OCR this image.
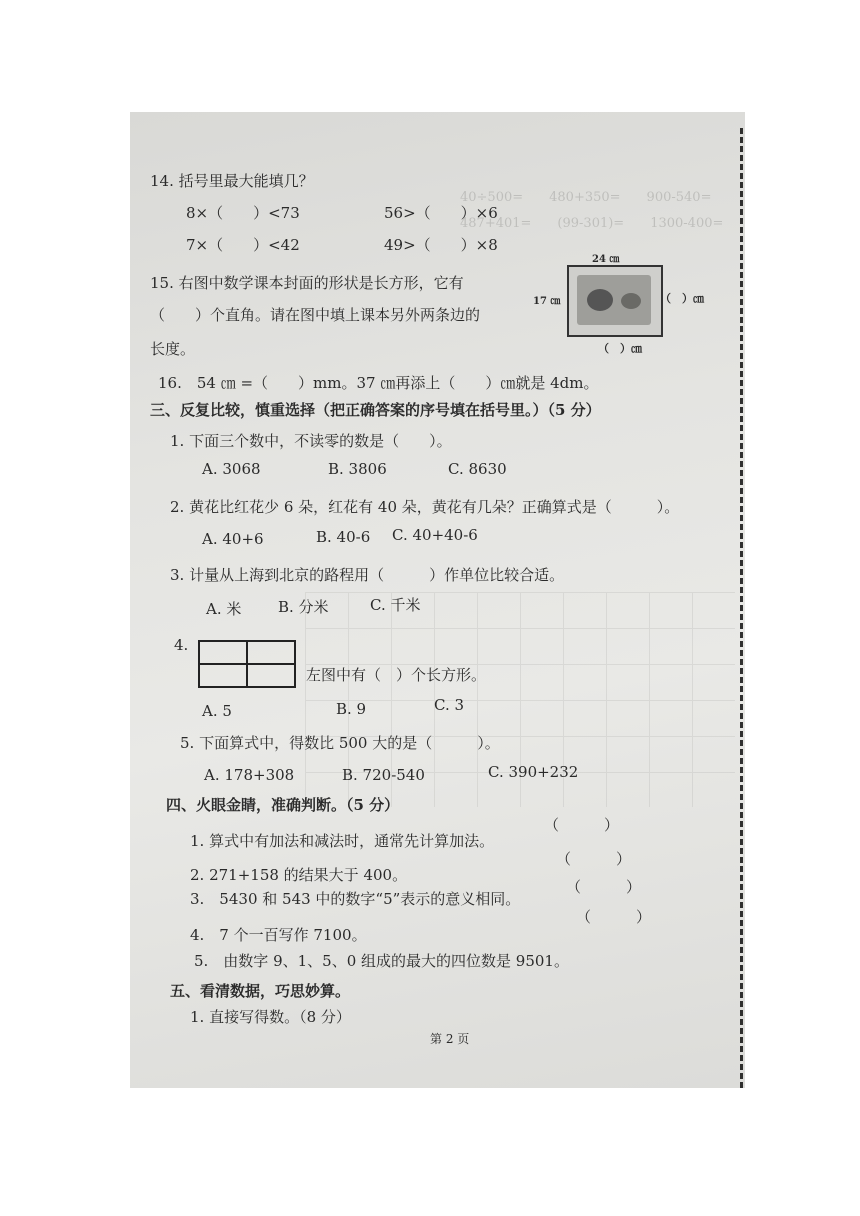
40÷500=　　480+350=　　900-540=
487+401=　　(99-301)=　　1300-400=
14. 括号里最大能填几？
8×（　　）<73	56>（　　）×6
7×（　　）<42	49>（　　）×8
15. 右图中数学课本封面的形状是长方形，它有
（　　）个直角。请在图中填上课本另外两条边的
长度。
24 ㎝
17 ㎝	（　）㎝
（　）㎝
16.　54 ㎝ =（　　）mm。37 ㎝再添上（　　）㎝就是 4dm。
三、反复比较，慎重选择（把正确答案的序号填在括号里。）（5 分）
1. 下面三个数中，不读零的数是（　　）。
A. 3068	B. 3806	C. 8630
2. 黄花比红花少 6 朵，红花有 40 朵，黄花有几朵？正确算式是（　　　）。
A. 40+6	B. 40-6 C. 40+40-6
3. 计量从上海到北京的路程用（　　　）作单位比较合适。
A. 米 B. 分米	C. 千米
4.
左图中有（　）个长方形。
A. 5	B. 9	C. 3
5. 下面算式中，得数比 500 大的是（　　　）。
A. 178+308	B. 720-540	C. 390+232
四、火眼金睛，准确判断。（5 分）
1. 算式中有加法和减法时，通常先计算加法。
（　　　）
2. 271+158 的结果大于 400。
（　　　）
3.　5430 和 543 中的数字“5”表示的意义相同。
（　　　）
4.　7 个一百写作 7100。
（　　　）
5.　由数字 9、1、5、0 组成的最大的四位数是 9501。
五、看清数据，巧思妙算。
1. 直接写得数。（8 分）
第 2 页
